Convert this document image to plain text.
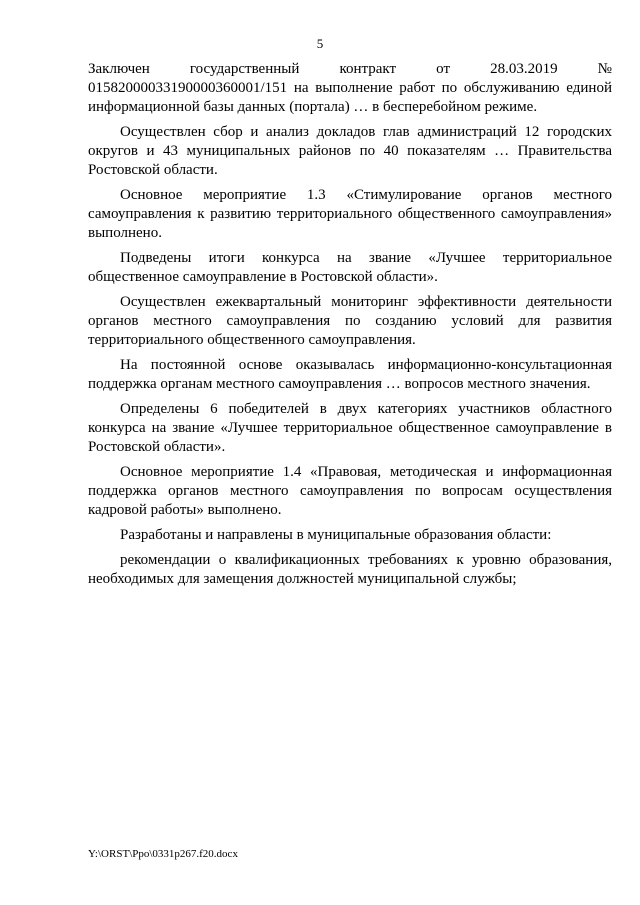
5

Заключен государственный контракт от 28.03.2019 № 01582000033190000360001/151 на выполнение работ по обслуживанию единой информационной базы данных (портала) … в бесперебойном режиме.

Осуществлен сбор и анализ докладов глав администраций 12 городских округов и 43 муниципальных районов по 40 показателям … Правительства Ростовской области.

Основное мероприятие 1.3 «Стимулирование органов местного самоуправления к развитию территориального общественного самоуправления» выполнено.

Подведены итоги конкурса на звание «Лучшее территориальное общественное самоуправление в Ростовской области».

Осуществлен ежеквартальный мониторинг эффективности деятельности органов местного самоуправления по созданию условий для развития территориального общественного самоуправления.

На постоянной основе оказывалась информационно-консультационная поддержка органам местного самоуправления … вопросов местного значения.

Определены 6 победителей в двух категориях участников областного конкурса на звание «Лучшее территориальное общественное самоуправление в Ростовской области».

Основное мероприятие 1.4 «Правовая, методическая и информационная поддержка органов местного самоуправления по вопросам осуществления кадровой работы» выполнено.

Разработаны и направлены в муниципальные образования области:

рекомендации о квалификационных требованиях к уровню образования, необходимых для замещения должностей муниципальной службы;

Y:\ORST\Ppo\0331p267.f20.docx
